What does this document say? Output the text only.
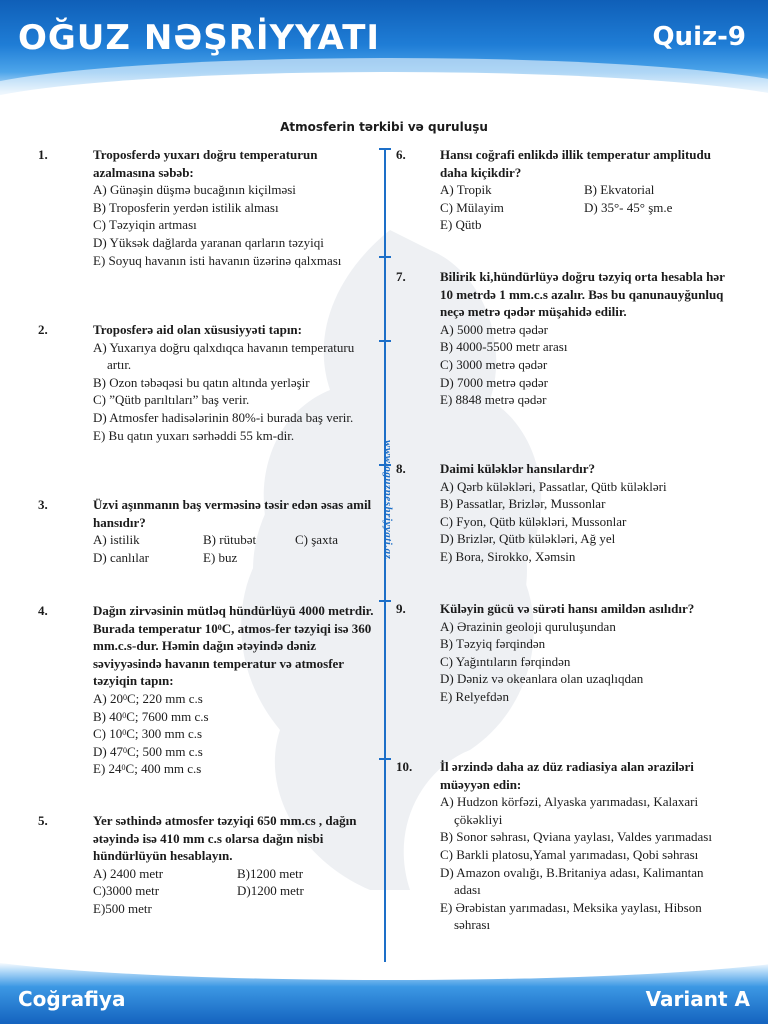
OĞUZ NƏŞRİYYATI	Quiz-9
Atmosferin tərkibi və quruluşu
www.oguzneshriyyati.az
1.	Troposferdə yuxarı doğru temperaturun azalmasına səbəb:
A) Günəşin düşmə bucağının kiçilməsi
B) Troposferin yerdən istilik alması
C) Təzyiqin artması
D) Yüksək dağlarda yaranan qarların təzyiqi
E) Soyuq havanın isti havanın üzərinə qalxması
2.	Troposferə aid olan xüsusiyyəti tapın:
A) Yuxarıya doğru qalxdıqca havanın temperaturu artır.
B) Ozon təbəqəsi bu qatın altında yerləşir
C) ”Qütb parıltıları” baş verir.
D) Atmosfer hadisələrinin 80%-i burada baş verir.
E) Bu qatın yuxarı sərhəddi 55 km-dir.
3.	Üzvi aşınmanın baş verməsinə təsir edən əsas amil hansıdır?
A) istilik	B) rütubət	C) şaxta
D) canlılar	E) buz
4.	Dağın zirvəsinin mütləq hündürlüyü 4000 metrdir. Burada temperatur $10^0C$, atmos-fer təzyiqi isə 360 mm.c.s-dur. Həmin dağın ətəyində dəniz səviyyəsində havanın temperatur və atmosfer təzyiqin tapın:
A) $20^0C$; 220 mm c.s
B) $40^0C$; 7600 mm c.s
C) $10^0C$; 300 mm c.s
D) $47^0C$; 500 mm c.s
E) $24^0C$; 400 mm c.s
5.	Yer səthində atmosfer təzyiqi 650 mm.cs , dağın ətəyində isə 410 mm c.s olarsa dağın nisbi hündürlüyün hesablayın.
A) 2400 metr	B)1200 metr
C)3000 metr	D)1200 metr
E)500 metr
6.	Hansı coğrafi enlikdə illik temperatur amplitudu daha kiçikdir?
A) Tropik	B) Ekvatorial
C) Mülayim	D) 35°- 45° şm.e
E) Qütb
7.	Bilirik ki,hündürlüyə doğru təzyiq orta hesabla hər 10 metrdə 1 mm.c.s azalır. Bəs bu qanunauyğunluq neçə metrə qədər müşahidə edilir.
A) 5000 metrə qədər
B) 4000-5500 metr arası
C) 3000 metrə qədər
D) 7000 metrə qədər
E) 8848 metrə qədər
8.	Daimi küləklər hansılardır?
A) Qərb küləkləri, Passatlar, Qütb küləkləri
B) Passatlar, Brizlər, Mussonlar
C) Fyon, Qütb küləkləri, Mussonlar
D) Brizlər, Qütb küləkləri, Ağ yel
E) Bora, Sirokko, Xəmsin
9.	Küləyin gücü və sürəti hansı amildən asılıdır?
A) Ərazinin geoloji quruluşundan
B) Təzyiq fərqindən
C) Yağıntıların fərqindən
D) Dəniz və okeanlara olan uzaqlıqdan
E) Relyefdən
10. İl ərzində daha az düz radiasiya alan əraziləri müəyyən edin:
A) Hudzon körfəzi, Alyaska yarımadası, Kalaxari çökəkliyi
B) Sonor səhrası, Qviana yaylası, Valdes yarımadası
C) Barkli platosu,Yamal yarımadası, Qobi səhrası
D) Amazon ovalığı, B.Britaniya adası, Kalimantan adası
E) Ərəbistan yarımadası, Meksika yaylası, Hibson səhrası
Coğrafiya	Variant A
